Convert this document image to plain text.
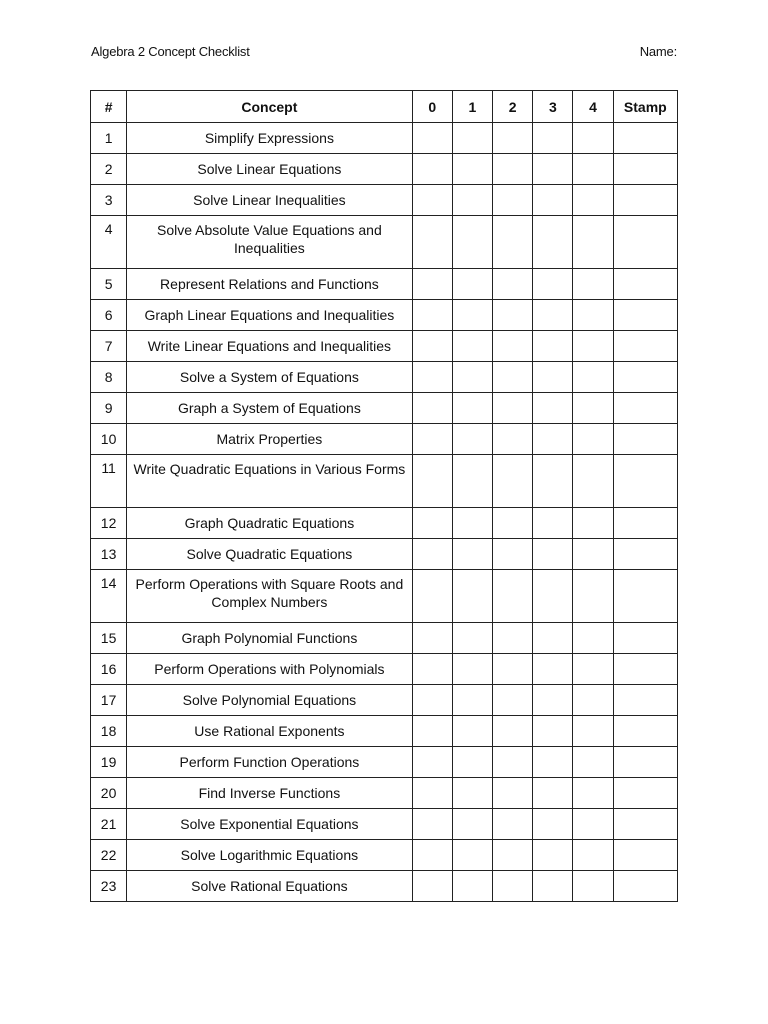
Algebra 2 Concept Checklist	Name:
#	Concept	0	1	2	3	4	Stamp
1	Simplify Expressions						
2	Solve Linear Equations						
3	Solve Linear Inequalities						
4	Solve Absolute Value Equations and Inequalities						
5	Represent Relations and Functions						
6	Graph Linear Equations and Inequalities						
7	Write Linear Equations and Inequalities						
8	Solve a System of Equations						
9	Graph a System of Equations						
10	Matrix Properties						
11	Write Quadratic Equations in Various Forms						
12	Graph Quadratic Equations						
13	Solve Quadratic Equations						
14	Perform Operations with Square Roots and Complex Numbers						
15	Graph Polynomial Functions						
16	Perform Operations with Polynomials						
17	Solve Polynomial Equations						
18	Use Rational Exponents						
19	Perform Function Operations						
20	Find Inverse Functions						
21	Solve Exponential Equations						
22	Solve Logarithmic Equations						
23	Solve Rational Equations						
